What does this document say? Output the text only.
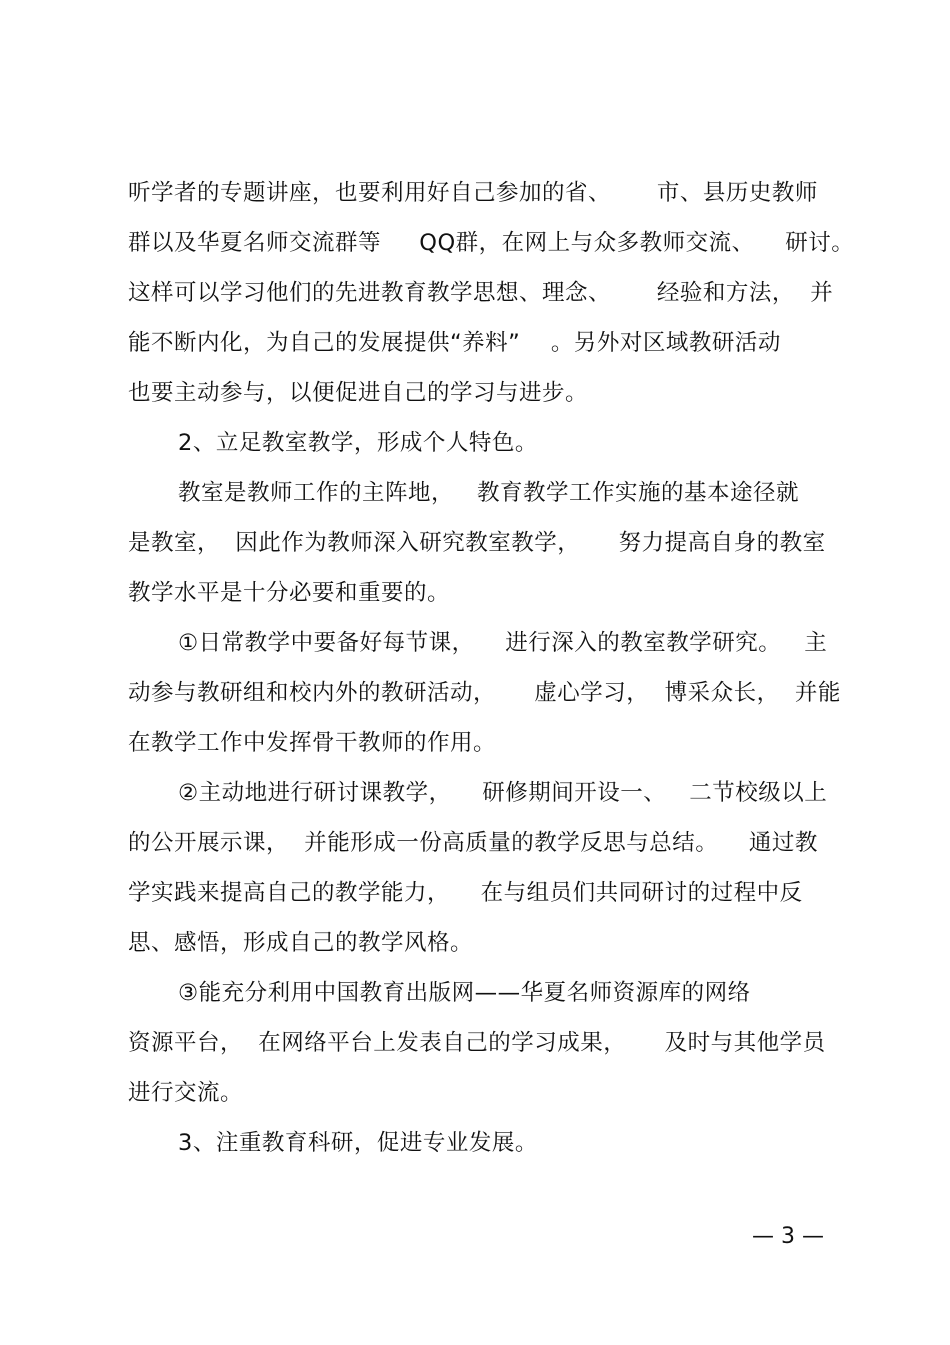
听学者的专题讲座，也要利用好自己参加的省、      市、县历史教师

群以及华夏名师交流群等     QQ群，在网上与众多教师交流、    研讨。

这样可以学习他们的先进教育教学思想、理念、      经验和方法，  并

能不断内化，为自己的发展提供“养料”    。另外对区域教研活动

也要主动参与，以便促进自己的学习与进步。

2、立足教室教学，形成个人特色。

教室是教师工作的主阵地，   教育教学工作实施的基本途径就

是教室，  因此作为教师深入研究教室教学，     努力提高自身的教室

教学水平是十分必要和重要的。

①日常教学中要备好每节课，    进行深入的教室教学研究。   主

动参与教研组和校内外的教研活动，     虚心学习，  博采众长，  并能

在教学工作中发挥骨干教师的作用。

②主动地进行研讨课教学，    研修期间开设一、   二节校级以上

的公开展示课，  并能形成一份高质量的教学反思与总结。    通过教

学实践来提高自己的教学能力，    在与组员们共同研讨的过程中反

思、感悟，形成自己的教学风格。

③能充分利用中国教育出版网——华夏名师资源库的网络

资源平台，  在网络平台上发表自己的学习成果，     及时与其他学员

进行交流。

3、注重教育科研，促进专业发展。

— 3 —
